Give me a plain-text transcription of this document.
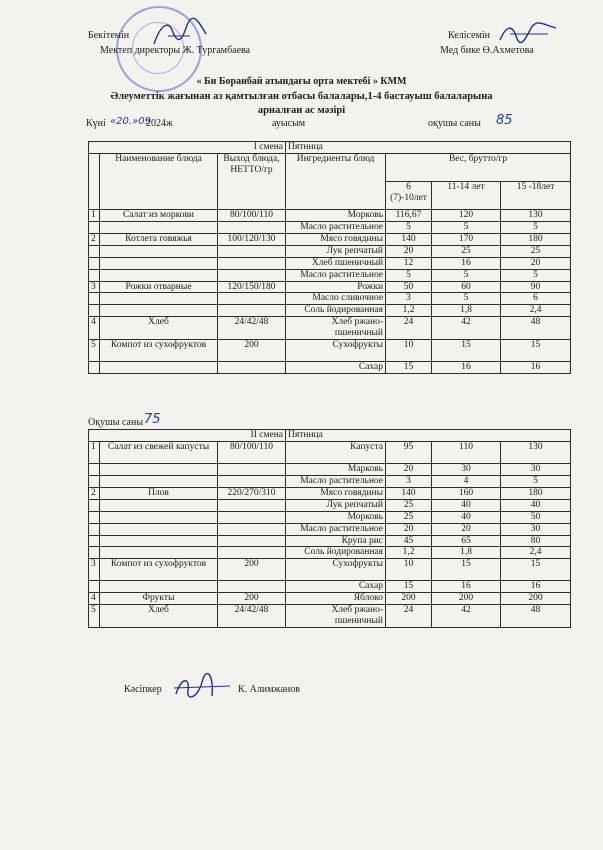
Бекітемін
Мектеп директоры Ж. Тургамбаева
Келісемін
Мед бике Ө.Ахметова
« Би Боранбай атындағы орта мектебі » КММ
Әлеуметтік жағынан аз қамтылған отбасы балалары,1-4 бастауыш балаларына
арналған ас мәзірі
Күні «20.»09
2024ж	ауысым	оқушы саны 85
I смена			Пятница			
	Наименование блюда	Выход блюда, НЕТТО/гр	Ингредиенты блюд	Вес, брутто/гр		
				6 (7)-10лет	11-14 лет	15 -18лет
1	Салат из моркови	80/100/110	Морковь	116,67	120	130
			Масло растительное	5	5	5
2	Котлета говяжья	100/120/130	Мясо говядины	140	170	180
			Лук репчатый	20	25	25
			Хлеб пшеничный	12	16	20
			Масло растительное	5	5	5
3	Рожки отварные	120/150/180	Рожки	50	60	90
			Масло сливочное	3	5	6
			Соль йодированная	1,2	1,8	2,4
4	Хлеб	24/42/48	Хлеб ржано-пшеничный	24	42	48
5	Компот из сухофруктов	200	Сухофрукты	10	15	15
			Сахар	15	16	16
Оқушы саны 75
II смена			Пятница			
1	Салат из свежей капусты	80/100/110	Капуста	95	110	130
			Марковь	20	30	30
			Масло растительное	3	4	5
2	Плов	220/270/310	Мясо говядины	140	160	180
			Лук репчатый	25	40	40
			Морковь	25	40	50
			Масло растительное	20	20	30
			Крупа рис	45	65	80
			Соль йодированная	1,2	1,8	2,4
3	Компот из сухофруктов	200	Сухофрукты	10	15	15
			Сахар	15	16	16
4	Фрукты	200	Яблоко	200	200	200
5	Хлеб	24/42/48	Хлеб ржано-пшеничный	24	42	48
Кәсіпкер	К. Алимжанов
